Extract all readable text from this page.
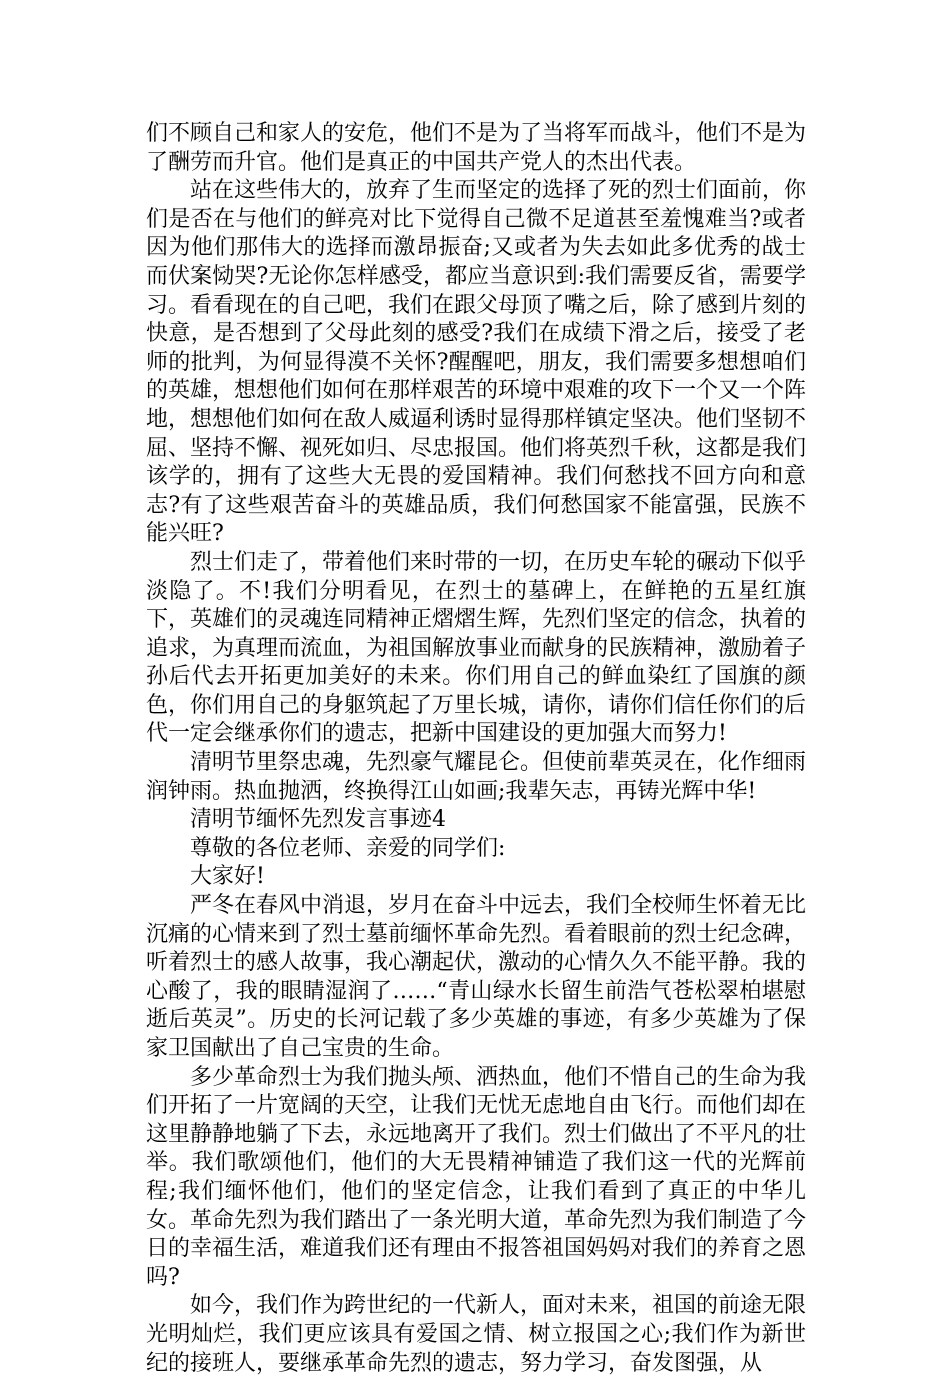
们不顾自己和家人的安危，他们不是为了当将军而战斗，他们不是为了酬劳而升官。他们是真正的中国共产党人的杰出代表。

站在这些伟大的，放弃了生而坚定的选择了死的烈士们面前，你们是否在与他们的鲜亮对比下觉得自己微不足道甚至羞愧难当?或者因为他们那伟大的选择而激昂振奋;又或者为失去如此多优秀的战士而伏案恸哭?无论你怎样感受，都应当意识到:我们需要反省，需要学习。看看现在的自己吧，我们在跟父母顶了嘴之后，除了感到片刻的快意，是否想到了父母此刻的感受?我们在成绩下滑之后，接受了老师的批判，为何显得漠不关怀?醒醒吧，朋友，我们需要多想想咱们的英雄，想想他们如何在那样艰苦的环境中艰难的攻下一个又一个阵地，想想他们如何在敌人威逼利诱时显得那样镇定坚决。他们坚韧不屈、坚持不懈、视死如归、尽忠报国。他们将英烈千秋，这都是我们该学的，拥有了这些大无畏的爱国精神。我们何愁找不回方向和意志?有了这些艰苦奋斗的英雄品质，我们何愁国家不能富强，民族不能兴旺?

烈士们走了，带着他们来时带的一切，在历史车轮的碾动下似乎淡隐了。不!我们分明看见，在烈士的墓碑上，在鲜艳的五星红旗下，英雄们的灵魂连同精神正熠熠生辉，先烈们坚定的信念，执着的追求，为真理而流血，为祖国解放事业而献身的民族精神，激励着子孙后代去开拓更加美好的未来。你们用自己的鲜血染红了国旗的颜色，你们用自己的身躯筑起了万里长城，请你，请你们信任你们的后代一定会继承你们的遗志，把新中国建设的更加强大而努力!

清明节里祭忠魂，先烈豪气耀昆仑。但使前辈英灵在，化作细雨润钟雨。热血抛洒，终换得江山如画;我辈矢志，再铸光辉中华!

清明节缅怀先烈发言事迹4

尊敬的各位老师、亲爱的同学们:

大家好!

严冬在春风中消退，岁月在奋斗中远去，我们全校师生怀着无比沉痛的心情来到了烈士墓前缅怀革命先烈。看着眼前的烈士纪念碑，听着烈士的感人故事，我心潮起伏，激动的心情久久不能平静。我的心酸了，我的眼睛湿润了……“青山绿水长留生前浩气苍松翠柏堪慰逝后英灵”。历史的长河记载了多少英雄的事迹，有多少英雄为了保家卫国献出了自己宝贵的生命。

多少革命烈士为我们抛头颅、洒热血，他们不惜自己的生命为我们开拓了一片宽阔的天空，让我们无忧无虑地自由飞行。而他们却在这里静静地躺了下去，永远地离开了我们。烈士们做出了不平凡的壮举。我们歌颂他们，他们的大无畏精神铺造了我们这一代的光辉前程;我们缅怀他们，他们的坚定信念，让我们看到了真正的中华儿女。革命先烈为我们踏出了一条光明大道，革命先烈为我们制造了今日的幸福生活，难道我们还有理由不报答祖国妈妈对我们的养育之恩吗?

如今，我们作为跨世纪的一代新人，面对未来，祖国的前途无限光明灿烂，我们更应该具有爱国之情、树立报国之心;我们作为新世纪的接班人，要继承革命先烈的遗志，努力学习，奋发图强，从
